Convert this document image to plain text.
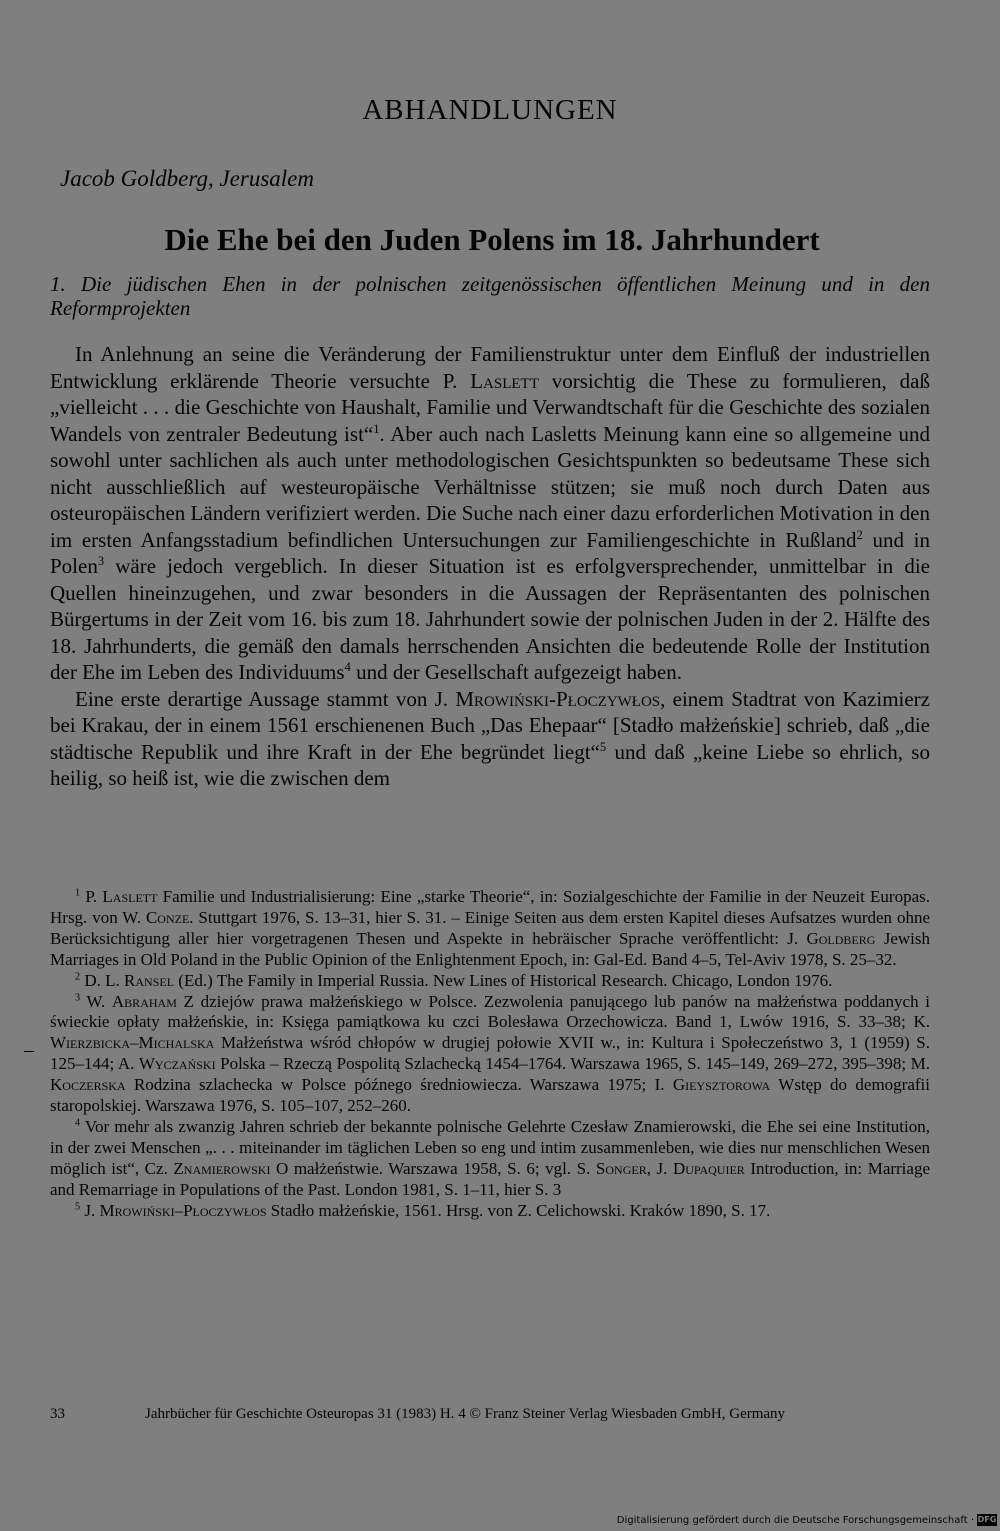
ABHANDLUNGEN
Jacob Goldberg, Jerusalem
Die Ehe bei den Juden Polens im 18. Jahrhundert
1. Die jüdischen Ehen in der polnischen zeitgenössischen öffentlichen Meinung und in den Reformprojekten

In Anlehnung an seine die Veränderung der Familienstruktur unter dem Einfluß der industriellen Entwicklung erklärende Theorie versuchte P. Laslett vorsichtig die These zu formulieren, daß „vielleicht . . . die Geschichte von Haushalt, Familie und Verwandtschaft für die Geschichte des sozialen Wandels von zentraler Bedeutung ist“$^1$. Aber auch nach Lasletts Meinung kann eine so allgemeine und sowohl unter sachlichen als auch unter methodologischen Gesichtspunkten so bedeutsame These sich nicht ausschließlich auf westeuropäische Verhältnisse stützen; sie muß noch durch Daten aus osteuropäischen Ländern verifiziert werden. Die Suche nach einer dazu erforderlichen Motivation in den im ersten Anfangsstadium befindlichen Untersuchungen zur Familiengeschichte in Rußland$^2$ und in Polen$^3$ wäre jedoch vergeblich. In dieser Situation ist es erfolgversprechender, unmittelbar in die Quellen hineinzugehen, und zwar besonders in die Aussagen der Repräsentanten des polnischen Bürgertums in der Zeit vom 16. bis zum 18. Jahrhundert sowie der polnischen Juden in der 2. Hälfte des 18. Jahrhunderts, die gemäß den damals herrschenden Ansichten die bedeutende Rolle der Institution der Ehe im Leben des Individuums$^4$ und der Gesellschaft aufgezeigt haben.

Eine erste derartige Aussage stammt von J. Mrowiński-Płoczywłos, einem Stadtrat von Kazimierz bei Krakau, der in einem 1561 erschienenen Buch „Das Ehepaar“ [Stadło małżeńskie] schrieb, daß „die städtische Republik und ihre Kraft in der Ehe begründet liegt“$^5$ und daß „keine Liebe so ehrlich, so heilig, so heiß ist, wie die zwischen dem

$^1$ P. Laslett Familie und Industrialisierung: Eine „starke Theorie“, in: Sozialgeschichte der Familie in der Neuzeit Europas. Hrsg. von W. Conze. Stuttgart 1976, S. 13–31, hier S. 31. – Einige Seiten aus dem ersten Kapitel dieses Aufsatzes wurden ohne Berücksichtigung aller hier vorgetragenen Thesen und Aspekte in hebräischer Sprache veröffentlicht: J. Goldberg Jewish Marriages in Old Poland in the Public Opinion of the Enlightenment Epoch, in: Gal-Ed. Band 4–5, Tel-Aviv 1978, S. 25–32.

$^2$ D. L. Ransel (Ed.) The Family in Imperial Russia. New Lines of Historical Research. Chicago, London 1976.

$^3$ W. Abraham Z dziejów prawa małżeńskiego w Polsce. Zezwolenia panującego lub panów na małżeństwa poddanych i świeckie opłaty małżeńskie, in: Księga pamiątkowa ku czci Bolesława Orzechowicza. Band 1, Lwów 1916, S. 33–38; K. Wierzbicka–Michalska Małżeństwa wśród chłopów w drugiej połowie XVII w., in: Kultura i Społeczeństwo 3, 1 (1959) S. 125–144; A. Wyczański Polska – Rzeczą Pospolitą Szlachecką 1454–1764. Warszawa 1965, S. 145–149, 269–272, 395–398; M. Koczerska Rodzina szlachecka w Polsce późnego średniowiecza. Warszawa 1975; I. Gieysztorowa Wstęp do demografii staropolskiej. Warszawa 1976, S. 105–107, 252–260.

$^4$ Vor mehr als zwanzig Jahren schrieb der bekannte polnische Gelehrte Czesław Znamierowski, die Ehe sei eine Institution, in der zwei Menschen „. . . miteinander im täglichen Leben so eng und intim zusammenleben, wie dies nur menschlichen Wesen möglich ist“, Cz. Znamierowski O małżeństwie. Warszawa 1958, S. 6; vgl. S. Songer, J. Dupaquier Introduction, in: Marriage and Remarriage in Populations of the Past. London 1981, S. 1–11, hier S. 3

$^5$ J. Mrowiński–Płoczywłos Stadło małżeńskie, 1561. Hrsg. von Z. Celichowski. Kraków 1890, S. 17.

33	Jahrbücher für Geschichte Osteuropas 31 (1983) H. 4 © Franz Steiner Verlag Wiesbaden GmbH, Germany
Digitalisierung gefördert durch die Deutsche Forschungsgemeinschaft · DFG
